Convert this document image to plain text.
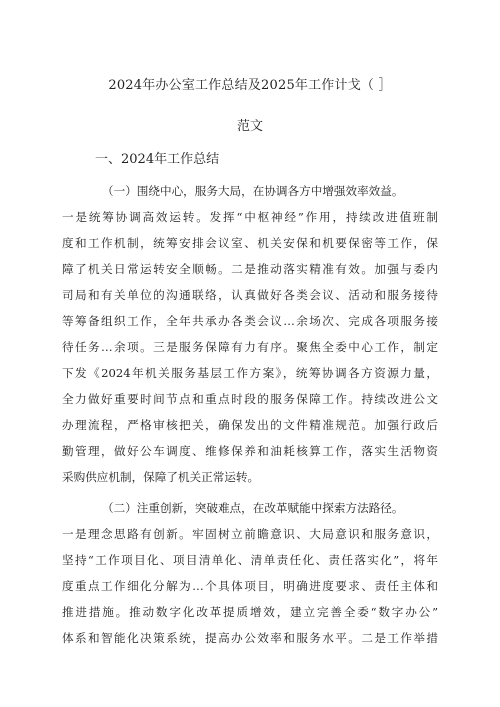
2024年办公室工作总结及2025年工作计戈（ ］
范文
一、2024年工作总结
（一）围绕中心，服务大局，在协调各方中增强效率效益。
一是统筹协调高效运转。发挥“中枢神经”作用，持续改进值班制
度和工作机制，统筹安排会议室、机关安保和机要保密等工作，保
障了机关日常运转安全顺畅。二是推动落实精准有效。加强与委内
司局和有关单位的沟通联络，认真做好各类会议、活动和服务接待
等筹备组织工作，全年共承办各类会议…余场次、完成各项服务接
待任务…余项。三是服务保障有力有序。聚焦全委中心工作，制定
下发《2024年机关服务基层工作方案》，统筹协调各方资源力量，
全力做好重要时间节点和重点时段的服务保障工作。持续改进公文
办理流程，严格审核把关，确保发出的文件精准规范。加强行政后
勤管理，做好公车调度、维修保养和油耗核算工作，落实生活物资
采购供应机制，保障了机关正常运转。
（二）注重创新，突破难点，在改革赋能中探索方法路径。
一是理念思路有创新。牢固树立前瞻意识、大局意识和服务意识，
坚持“工作项目化、项目清单化、清单责任化、责任落实化”，将年
度重点工作细化分解为…个具体项目，明确进度要求、责任主体和
推进措施。推动数字化改革提质增效，建立完善全委“数字办公”
体系和智能化决策系统，提高办公效率和服务水平。二是工作举措
